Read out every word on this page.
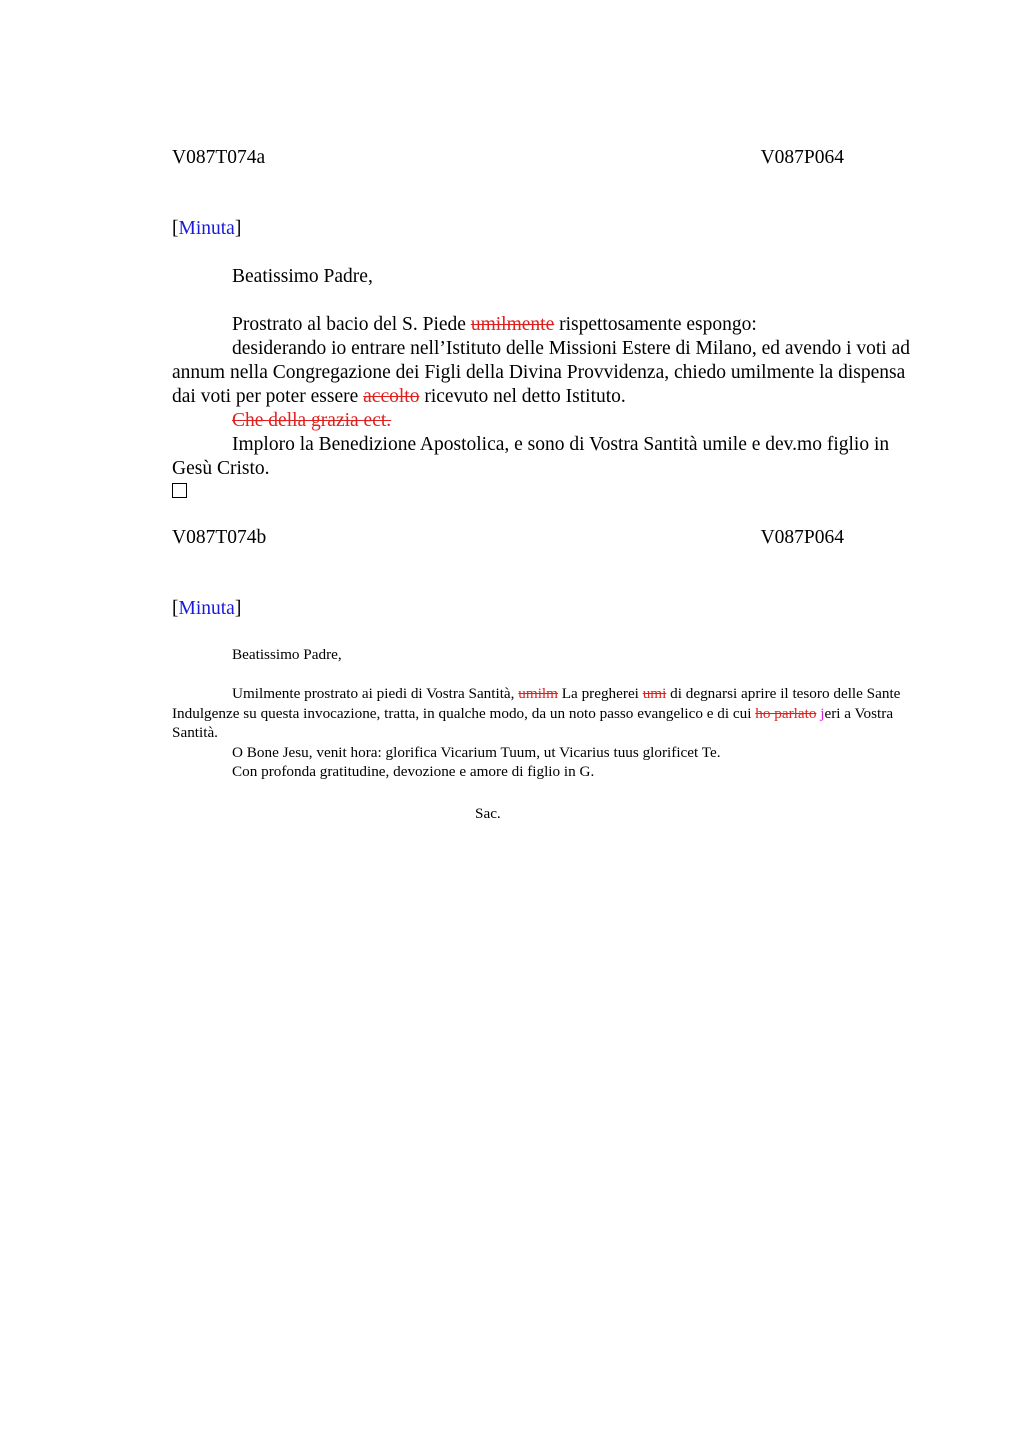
V087T074a	V087P064
[Minuta]

Beatissimo Padre,

Prostrato al bacio del S. Piede umilmente rispettosamente espongo:

desiderando io entrare nell’Istituto delle Missioni Estere di Milano, ed avendo i voti ad annum nella Congregazione dei Figli della Divina Provvidenza, chiedo umilmente la dispensa dai voti per poter essere accolto ricevuto nel detto Istituto.

Che della grazia ect.

Imploro la Benedizione Apostolica, e sono di Vostra Santità umile e dev.mo figlio in Gesù Cristo.

V087T074b	V087P064
[Minuta]

Beatissimo Padre,

Umilmente prostrato ai piedi di Vostra Santità, umilm La pregherei umi di degnarsi aprire il tesoro delle Sante Indulgenze su questa invocazione, tratta, in qualche modo, da un noto passo evangelico e di cui ho parlato jeri a Vostra Santità.

O Bone Jesu, venit hora: glorifica Vicarium Tuum, ut Vicarius tuus glorificet Te.

Con profonda gratitudine, devozione e amore di figlio in G.

Sac.
